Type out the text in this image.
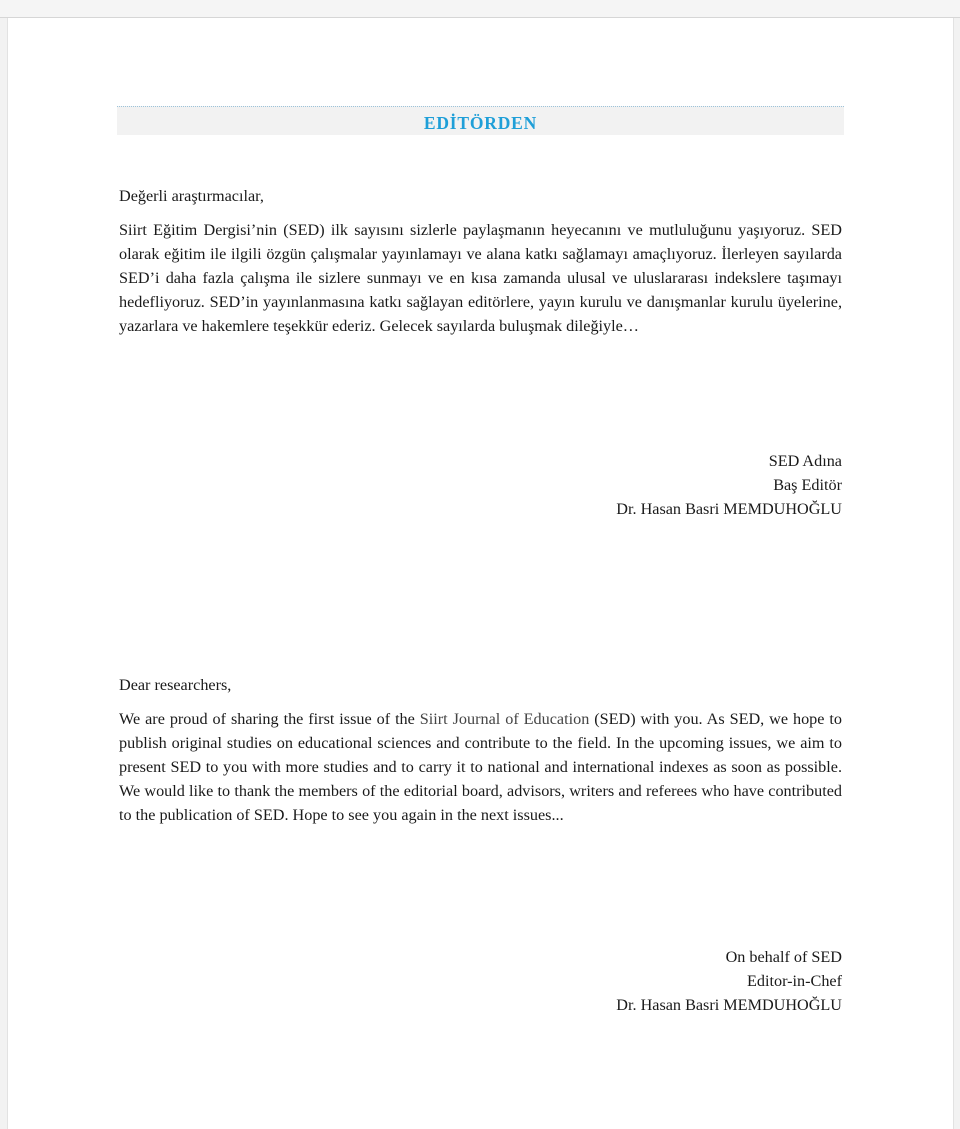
EDİTÖRDEN
Değerli araştırmacılar,
Siirt Eğitim Dergisi’nin (SED) ilk sayısını sizlerle paylaşmanın heyecanını ve mutluluğunu yaşıyoruz. SED olarak eğitim ile ilgili özgün çalışmalar yayınlamayı ve alana katkı sağlamayı amaçlıyoruz. İlerleyen sayılarda SED’i daha fazla çalışma ile sizlere sunmayı ve en kısa zamanda ulusal ve uluslararası indekslere taşımayı hedefliyoruz. SED’in yayınlanmasına katkı sağlayan editörlere, yayın kurulu ve danışmanlar kurulu üyelerine, yazarlara ve hakemlere teşekkür ederiz. Gelecek sayılarda buluşmak dileğiyle…
SED Adına
Baş Editör
Dr. Hasan Basri MEMDUHOĞLU
Dear researchers,
We are proud of sharing the first issue of the Siirt Journal of Education (SED) with you. As SED, we hope to publish original studies on educational sciences and contribute to the field. In the upcoming issues, we aim to present SED to you with more studies and to carry it to national and international indexes as soon as possible. We would like to thank the members of the editorial board, advisors, writers and referees who have contributed to the publication of SED. Hope to see you again in the next issues...
On behalf of SED
Editor-in-Chef
Dr. Hasan Basri MEMDUHOĞLU
